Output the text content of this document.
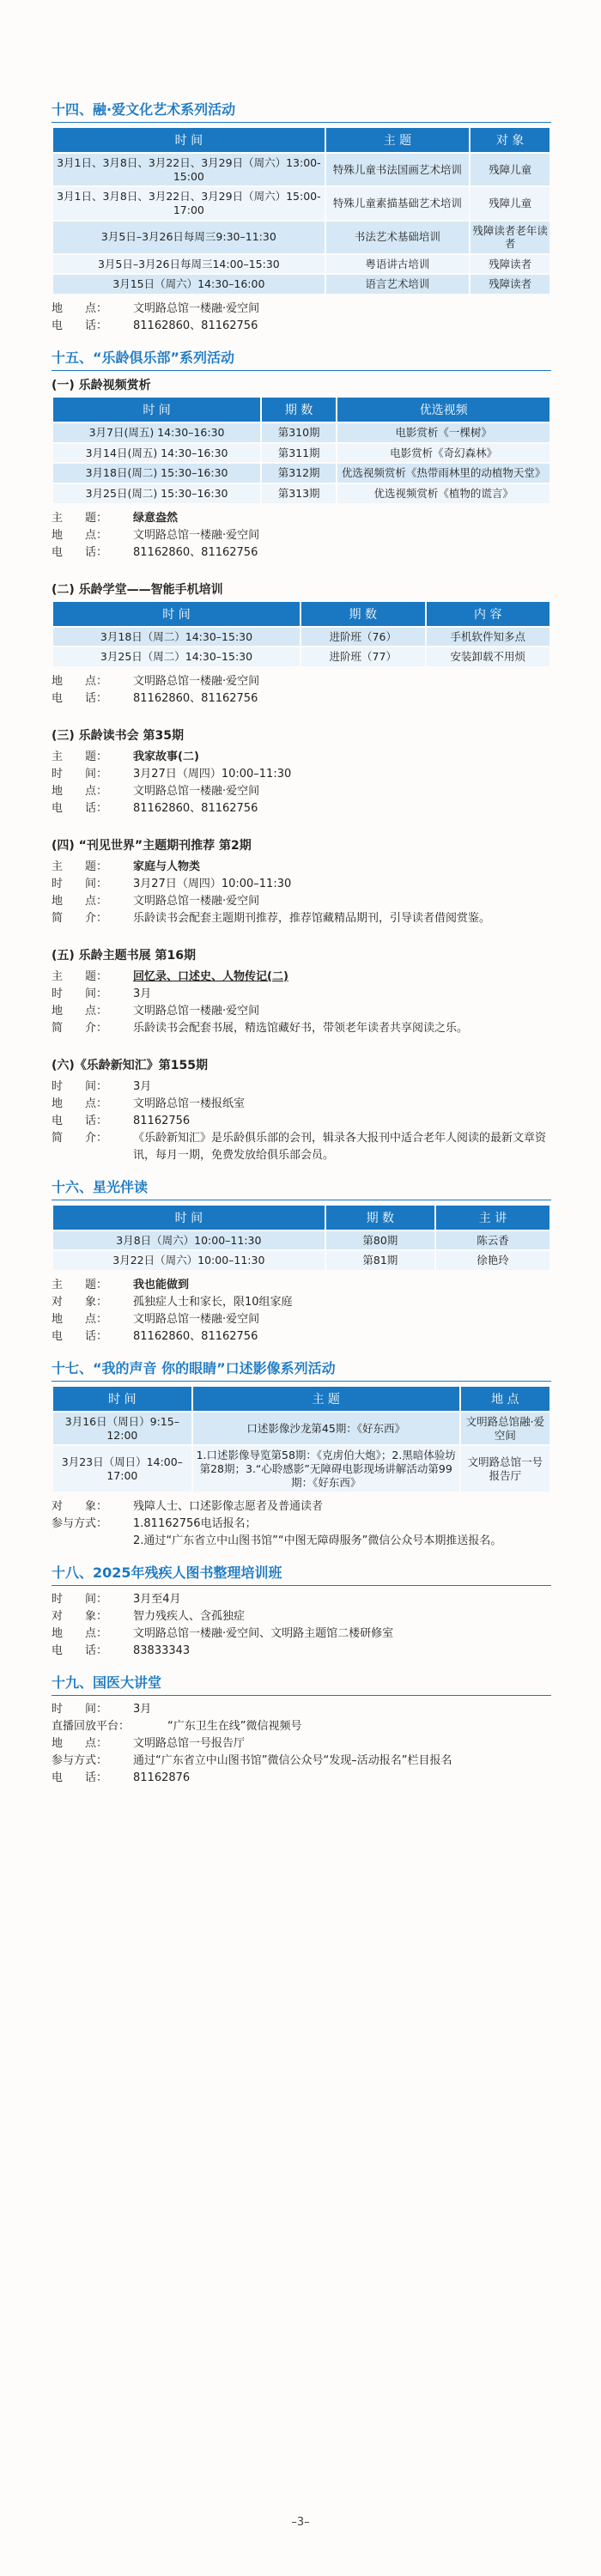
十四、融·爱文化艺术系列活动
时 间	主 题	对 象
3月1日、3月8日、3月22日、3月29日（周六）13:00-15:00	特殊儿童书法国画艺术培训	残障儿童
3月1日、3月8日、3月22日、3月29日（周六）15:00-17:00	特殊儿童素描基础艺术培训	残障儿童
3月5日–3月26日每周三9:30–11:30	书法艺术基础培训	残障读者老年读者
3月5日–3月26日每周三14:00–15:30	粤语讲古培训	残障读者
3月15日（周六）14:30–16:00	语言艺术培训	残障读者
地　　点：	文明路总馆一楼融·爱空间
电　　话：	81162860、81162756
十五、“乐龄俱乐部”系列活动
(一) 乐龄视频赏析
时 间	期 数	优选视频
3月7日(周五) 14:30–16:30	第310期	电影赏析《一棵树》
3月14日(周五) 14:30–16:30	第311期	电影赏析《奇幻森林》
3月18日(周二) 15:30–16:30	第312期	优选视频赏析《热带雨林里的动植物天堂》
3月25日(周二) 15:30–16:30	第313期	优选视频赏析《植物的谎言》
主　　题：	绿意盎然
地　　点：	文明路总馆一楼融·爱空间
电　　话：	81162860、81162756
(二) 乐龄学堂——智能手机培训
时 间	期 数	内 容
3月18日（周二）14:30–15:30	进阶班（76）	手机软件知多点
3月25日（周二）14:30–15:30	进阶班（77）	安装卸载不用烦
地　　点：	文明路总馆一楼融·爱空间
电　　话：	81162860、81162756
(三) 乐龄读书会 第35期
主　　题：	我家故事(二)
时　　间：	3月27日（周四）10:00–11:30
地　　点：	文明路总馆一楼融·爱空间
电　　话：	81162860、81162756
(四) “刊见世界”主题期刊推荐 第2期
主　　题：	家庭与人物类
时　　间：	3月27日（周四）10:00–11:30
地　　点：	文明路总馆一楼融·爱空间
简　　介：	乐龄读书会配套主题期刊推荐，推荐馆藏精品期刊，引导读者借阅赏鉴。
(五) 乐龄主题书展 第16期
主　　题：	回忆录、口述史、人物传记(二)
时　　间：	3月
地　　点：	文明路总馆一楼融·爱空间
简　　介：	乐龄读书会配套书展，精选馆藏好书，带领老年读者共享阅读之乐。
(六)《乐龄新知汇》第155期
时　　间：	3月
地　　点：	文明路总馆一楼报纸室
电　　话：	81162756
简　　介：	《乐龄新知汇》是乐龄俱乐部的会刊，辑录各大报刊中适合老年人阅读的最新文章资讯，每月一期，免费发放给俱乐部会员。
十六、星光伴读
时 间	期 数	主 讲
3月8日（周六）10:00–11:30	第80期	陈云香
3月22日（周六）10:00–11:30	第81期	徐艳玲
主　　题：	我也能做到
对　　象：	孤独症人士和家长，限10组家庭
地　　点：	文明路总馆一楼融·爱空间
电　　话：	81162860、81162756
十七、“我的声音 你的眼睛”口述影像系列活动
时 间	主 题	地 点
3月16日（周日）9:15–12:00	口述影像沙龙第45期：《好东西》	文明路总馆融·爱空间
3月23日（周日）14:00–17:00	1.口述影像导览第58期：《克虏伯大炮》；2.黑暗体验坊第28期；3.“心聆感影”无障碍电影现场讲解活动第99期：《好东西》	文明路总馆一号报告厅
对　　象：	残障人士、口述影像志愿者及普通读者
参与方式：	1.81162756电话报名；
2.通过“广东省立中山图书馆”“中图无障碍服务”微信公众号本期推送报名。
十八、2025年残疾人图书整理培训班
时　　间：	3月至4月
对　　象：	智力残疾人、含孤独症
地　　点：	文明路总馆一楼融·爱空间、文明路主题馆二楼研修室
电　　话：	83833343
十九、国医大讲堂
时　　间：	3月
直播回放平台：	“广东卫生在线”微信视频号
地　　点：	文明路总馆一号报告厅
参与方式：	通过“广东省立中山图书馆”微信公众号“发现–活动报名”栏目报名
电　　话：	81162876
–3–
